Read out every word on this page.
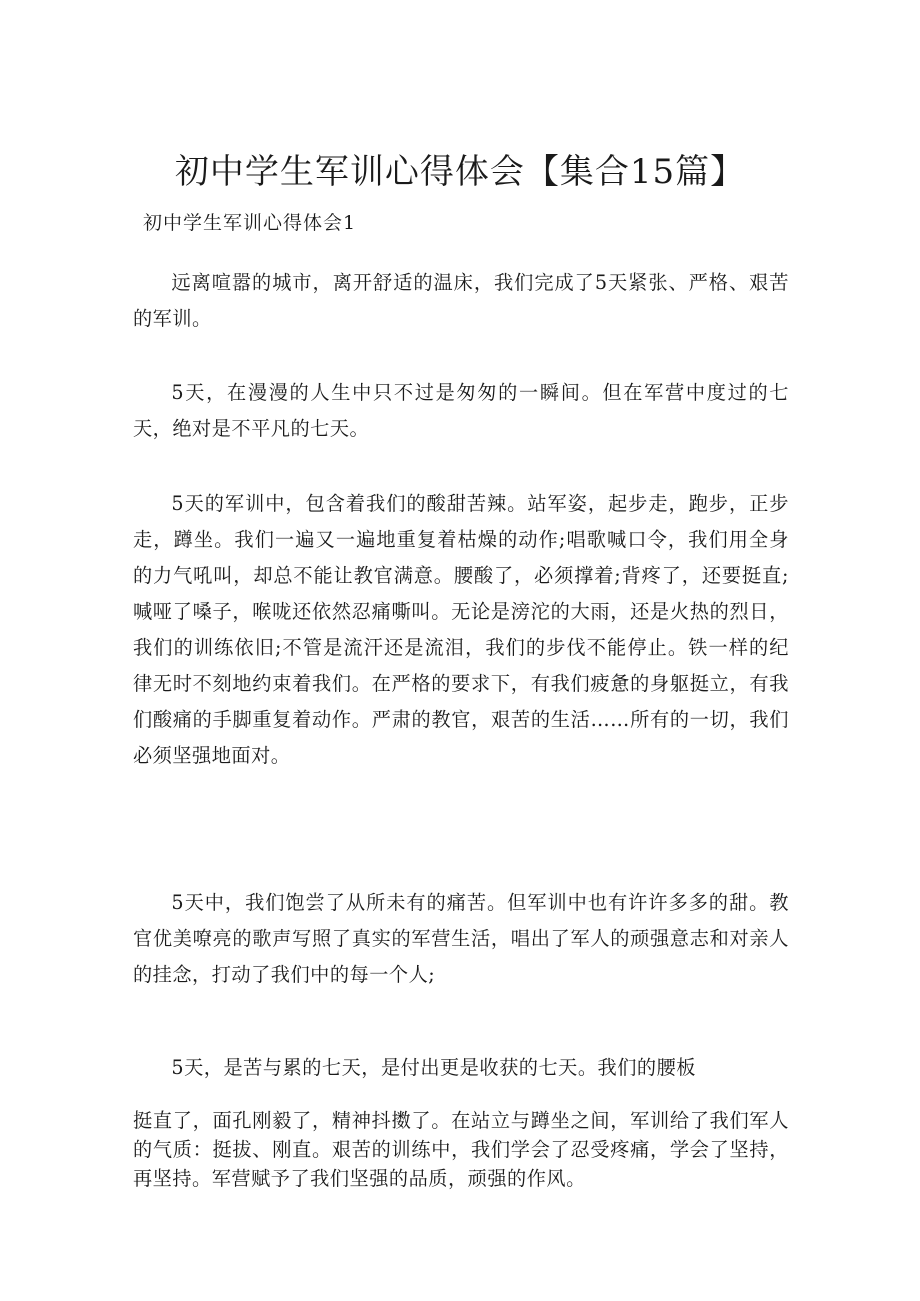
初中学生军训心得体会【集合15篇】
初中学生军训心得体会1

远离喧嚣的城市，离开舒适的温床，我们完成了5天紧张、严格、艰苦的军训。

5天，在漫漫的人生中只不过是匆匆的一瞬间。但在军营中度过的七天，绝对是不平凡的七天。

5天的军训中，包含着我们的酸甜苦辣。站军姿，起步走，跑步，正步走，蹲坐。我们一遍又一遍地重复着枯燥的动作;唱歌喊口令，我们用全身的力气吼叫，却总不能让教官满意。腰酸了，必须撑着;背疼了，还要挺直;喊哑了嗓子，喉咙还依然忍痛嘶叫。无论是滂沱的大雨，还是火热的烈日，我们的训练依旧;不管是流汗还是流泪，我们的步伐不能停止。铁一样的纪律无时不刻地约束着我们。在严格的要求下，有我们疲惫的身躯挺立，有我们酸痛的手脚重复着动作。严肃的教官，艰苦的生活……所有的一切，我们必须坚强地面对。

5天中，我们饱尝了从所未有的痛苦。但军训中也有许许多多的甜。教官优美嘹亮的歌声写照了真实的军营生活，唱出了军人的顽强意志和对亲人的挂念，打动了我们中的每一个人;

5天，是苦与累的七天，是付出更是收获的七天。我们的腰板

挺直了，面孔刚毅了，精神抖擞了。在站立与蹲坐之间，军训给了我们军人的气质：挺拔、刚直。艰苦的训练中，我们学会了忍受疼痛，学会了坚持，再坚持。军营赋予了我们坚强的品质，顽强的作风。
